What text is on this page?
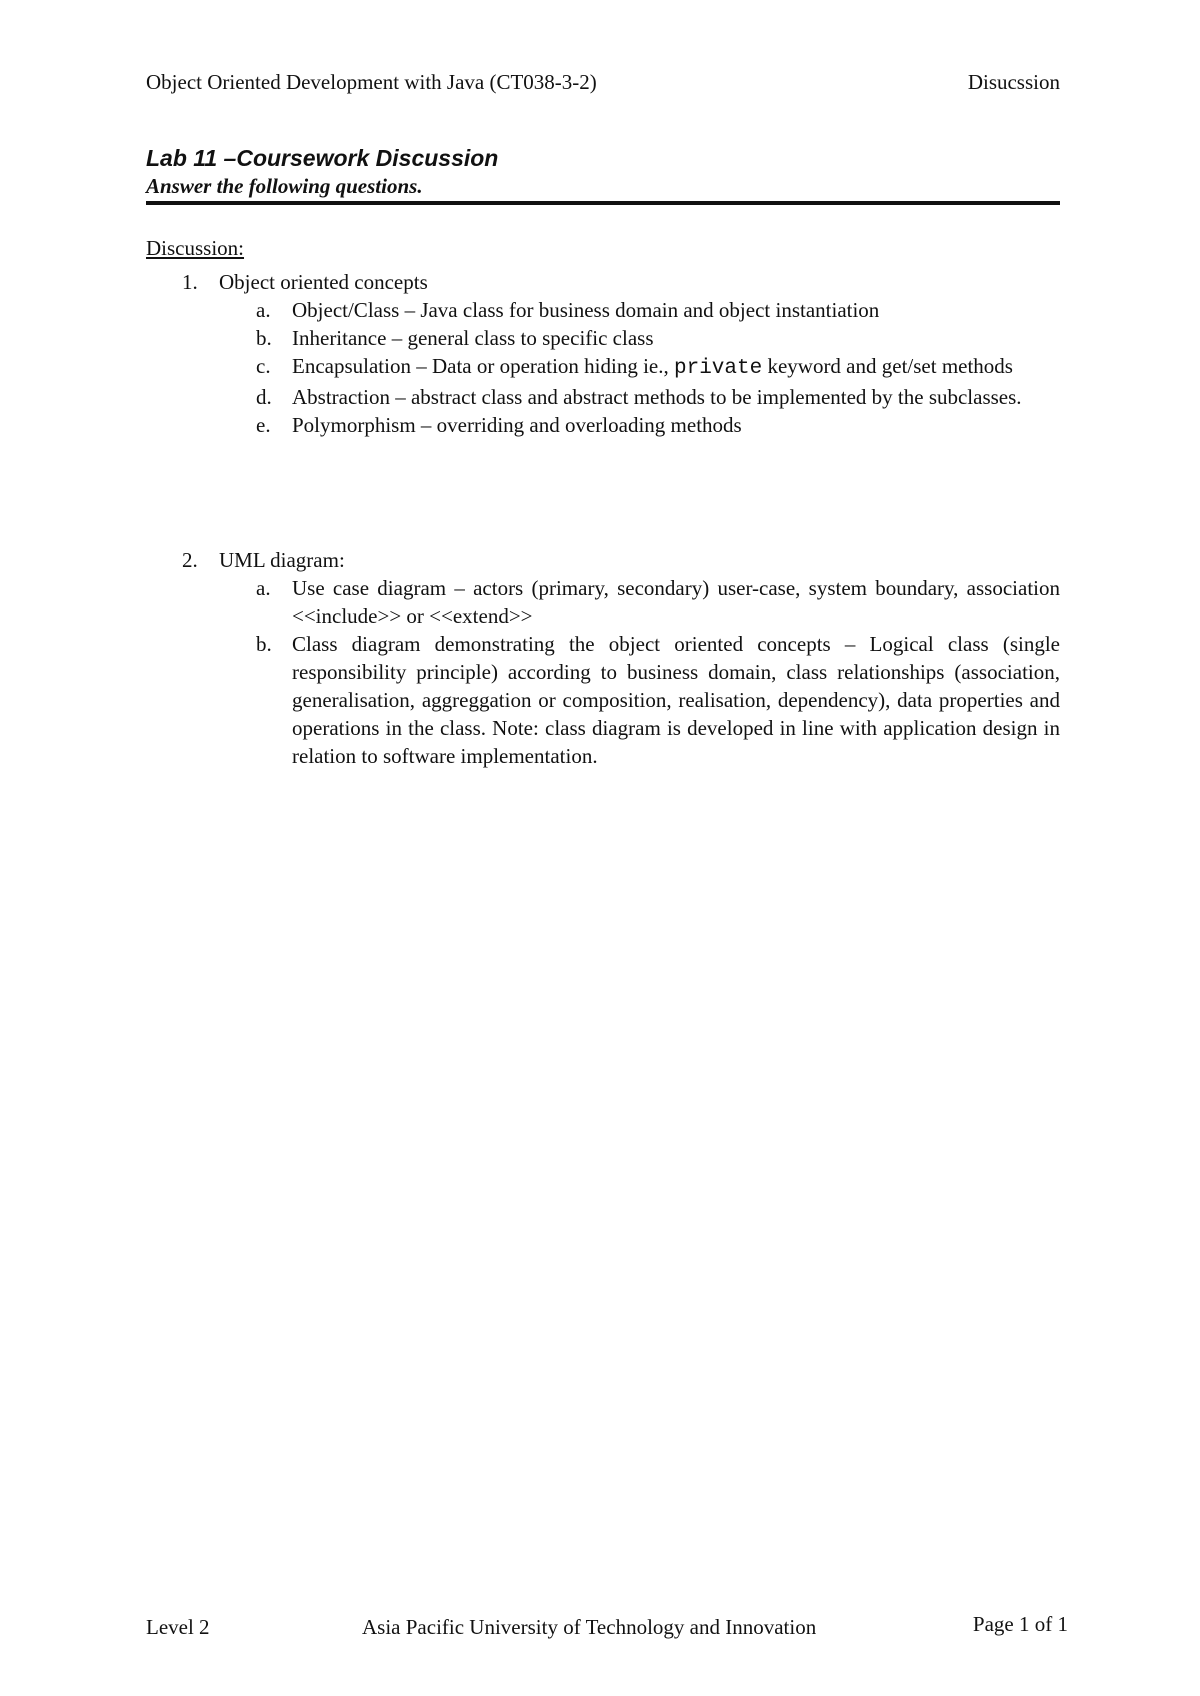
Object Oriented Development with Java (CT038-3-2)	Disucssion

Lab 11 –Coursework Discussion

Answer the following questions.

Discussion:
1. Object oriented concepts
a. Object/Class – Java class for business domain and object instantiation
b. Inheritance – general class to specific class
c. Encapsulation – Data or operation hiding ie., private keyword and get/set methods
d. Abstraction – abstract class and abstract methods to be implemented by the subclasses.
e. Polymorphism – overriding and overloading methods
2. UML diagram:
a. Use case diagram – actors (primary, secondary) user-case, system boundary, association <<include>> or <<extend>>
b. Class diagram demonstrating the object oriented concepts – Logical class (single responsibility principle) according to business domain, class relationships (association, generalisation, aggreggation or composition, realisation, dependency), data properties and operations in the class. Note: class diagram is developed in line with application design in relation to software implementation.
Level 2	Asia Pacific University of Technology and Innovation	Page 1 of 1
